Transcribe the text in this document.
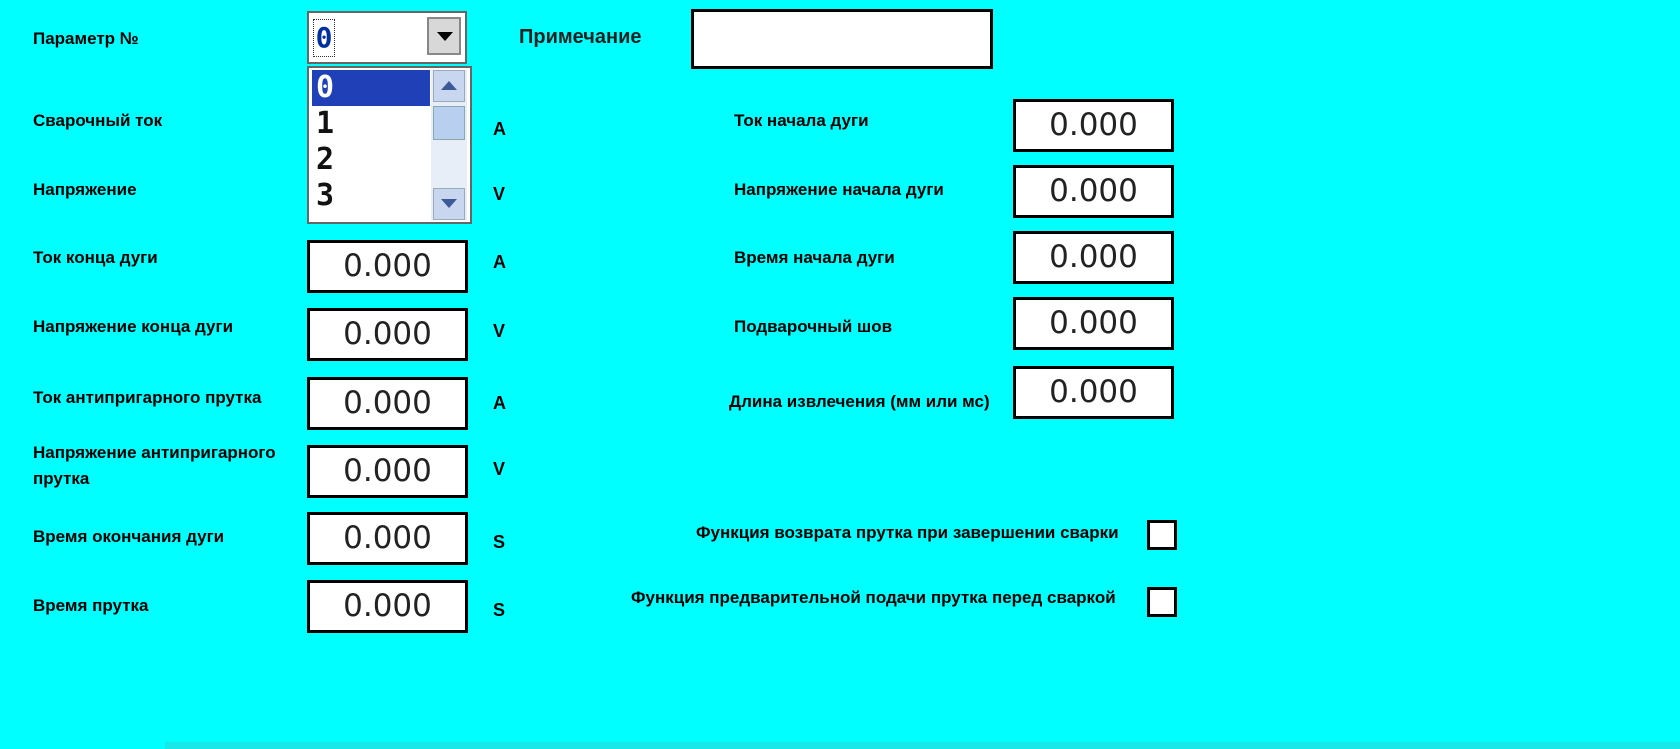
Параметр №	0
0
1
2
3
Примечание
Сварочный ток	A
Напряжение	V
Ток конца дуги	0.000	A
Напряжение конца дуги	0.000	V
Ток антипригарного прутка	0.000	A
Напряжение антипригарного прутка	0.000	V
Время окончания дуги	0.000	S
Время прутка	0.000	S
Ток начала дуги	0.000
Напряжение начала дуги	0.000
Время начала дуги	0.000
Подварочный шов	0.000
Длина извлечения (мм или мс)	0.000
Функция возврата прутка при завершении сварки
Функция предварительной подачи прутка перед сваркой
